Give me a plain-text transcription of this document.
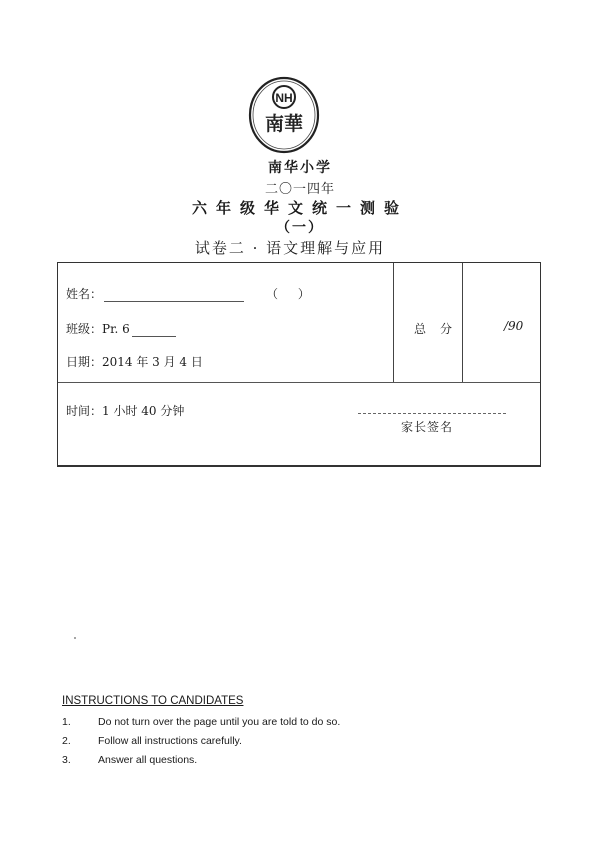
NH
南華
南华小学
二〇一四年
六年级华文统一测验
（一）
试卷二 · 语文理解与应用
姓名：	（ ）
班级：Pr. 6
日期：2014 年 3 月 4 日
总分	/90
时间：1 小时 40 分钟
家长签名
INSTRUCTIONS TO CANDIDATES
1.	Do not turn over the page until you are told to do so.
2.	Follow all instructions carefully.
3.	Answer all questions.
